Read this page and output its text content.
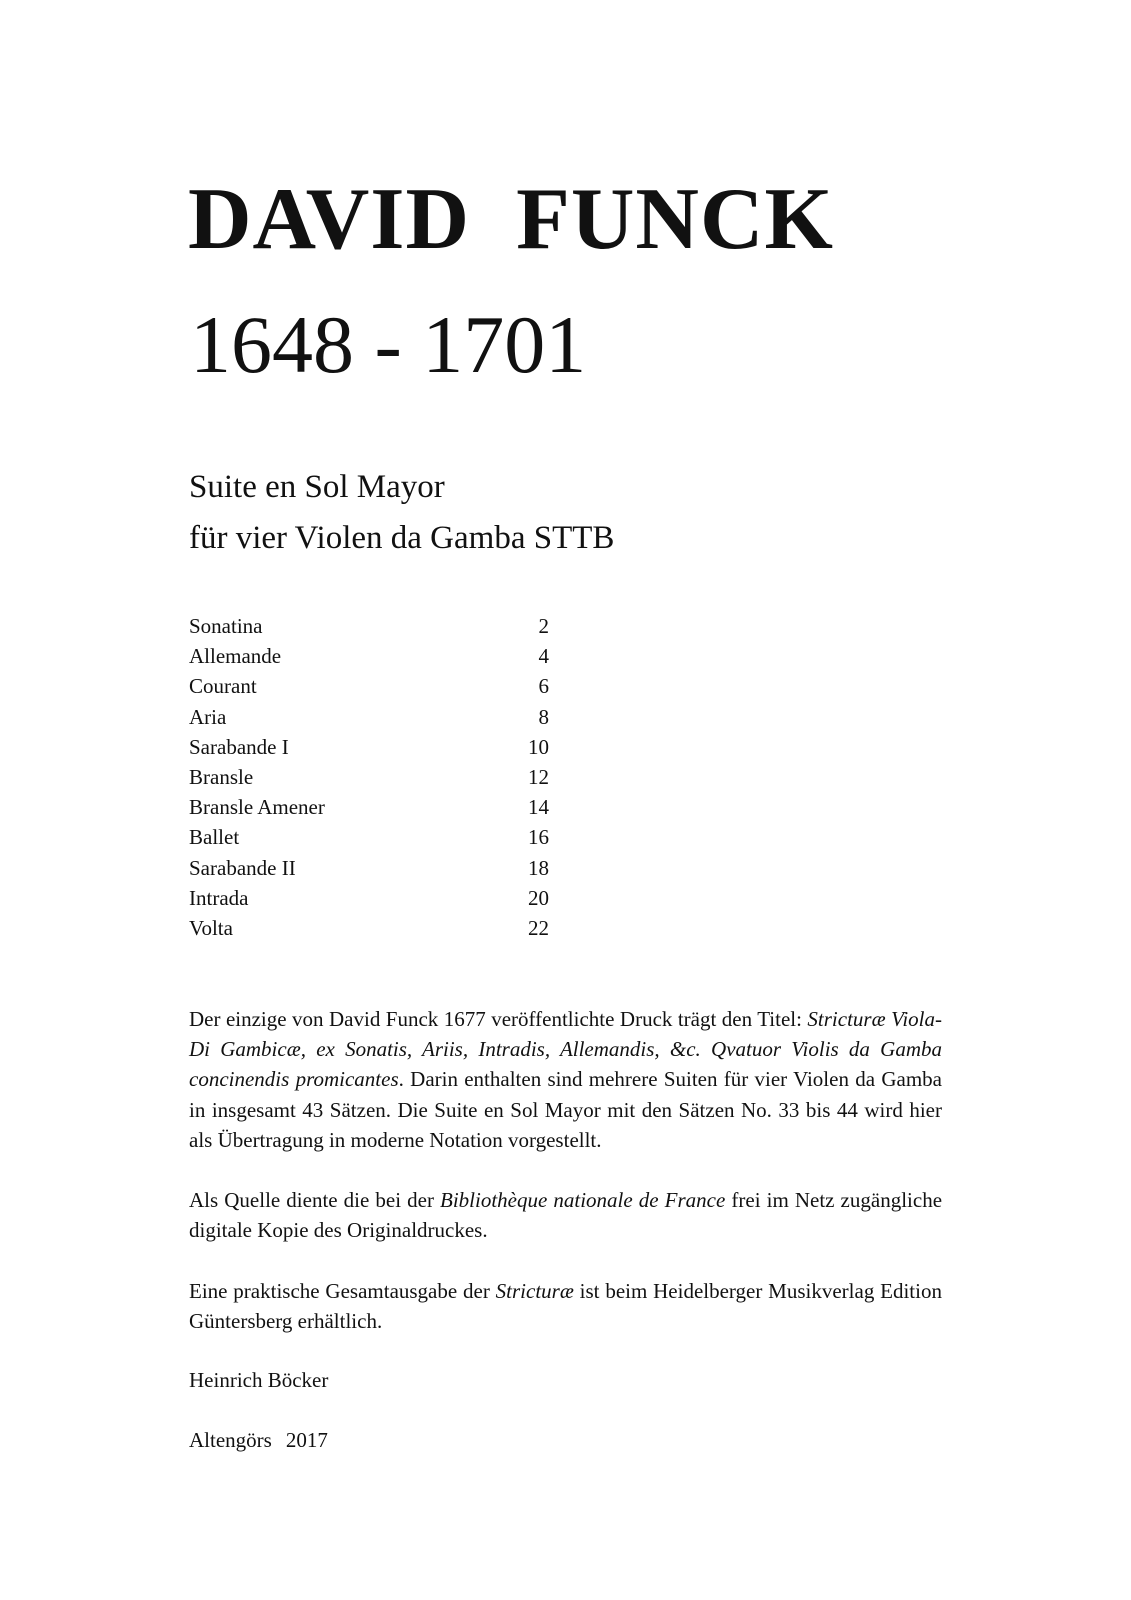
DAVID  FUNCK
1648 - 1701
Suite en Sol Mayor
für vier Violen da Gamba STTB
Sonatina	2
Allemande	4
Courant	6
Aria	8
Sarabande I	10
Bransle	12
Bransle Amener	14
Ballet	16
Sarabande II	18
Intrada	20
Volta	22

Der einzige von David Funck 1677 veröffentlichte Druck trägt den Titel: Stricturæ Viola-Di Gambicæ, ex Sonatis, Ariis, Intradis, Allemandis, &c. Qvatuor Violis da Gamba concinendis promicantes. Darin enthalten sind mehrere Suiten für vier Violen da Gamba in insgesamt 43 Sätzen. Die Suite en Sol Mayor mit den Sätzen No. 33 bis 44 wird hier als Übertragung in moderne Notation vorgestellt.

Als Quelle diente die bei der Bibliothèque nationale de France frei im Netz zugängliche digitale Kopie des Originaldruckes.

Eine praktische Gesamtausgabe der Stricturæ ist beim Heidelberger Musikverlag Edition Güntersberg erhältlich.

Heinrich Böcker
Altengörs 2017
